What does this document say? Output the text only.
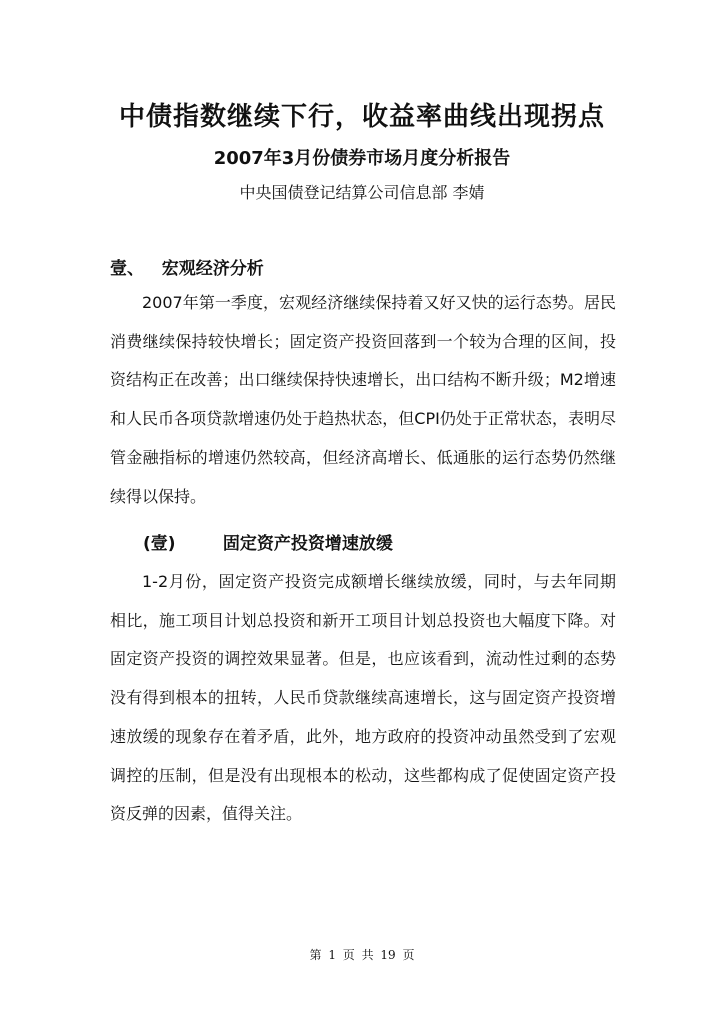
中债指数继续下行，收益率曲线出现拐点
2007年3月份债券市场月度分析报告
中央国债登记结算公司信息部 李婧
壹、   宏观经济分析

2007年第一季度，宏观经济继续保持着又好又快的运行态势。居民消费继续保持较快增长；固定资产投资回落到一个较为合理的区间，投资结构正在改善；出口继续保持快速增长，出口结构不断升级；M2增速和人民币各项贷款增速仍处于趋热状态，但CPI仍处于正常状态，表明尽管金融指标的增速仍然较高，但经济高增长、低通胀的运行态势仍然继续得以保持。

(壹)        固定资产投资增速放缓

1-2月份，固定资产投资完成额增长继续放缓，同时，与去年同期相比，施工项目计划总投资和新开工项目计划总投资也大幅度下降。对固定资产投资的调控效果显著。但是，也应该看到，流动性过剩的态势没有得到根本的扭转，人民币贷款继续高速增长，这与固定资产投资增速放缓的现象存在着矛盾，此外，地方政府的投资冲动虽然受到了宏观调控的压制，但是没有出现根本的松动，这些都构成了促使固定资产投资反弹的因素，值得关注。

第 1 页 共 19 页
